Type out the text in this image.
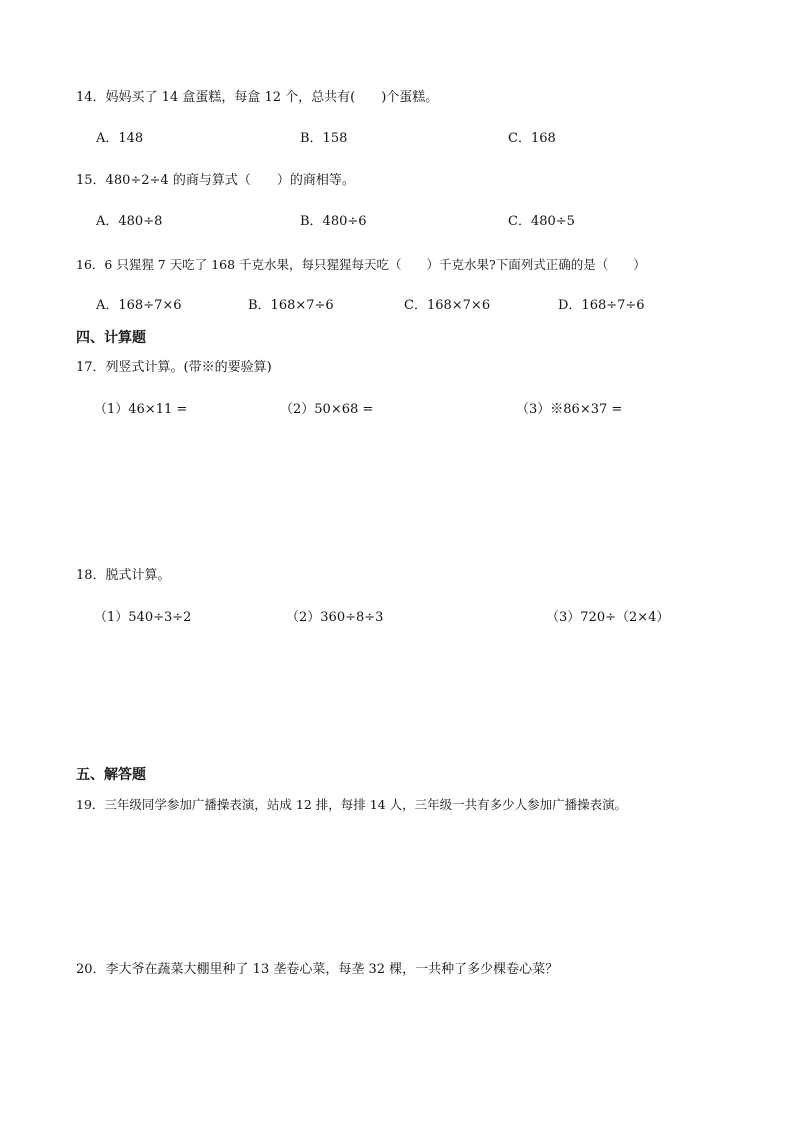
14．妈妈买了 14 盒蛋糕，每盒 12 个，总共有(　　)个蛋糕。
A．148	B．158	C．168
15．480÷2÷4 的商与算式（　　）的商相等。
A．480÷8	B．480÷6	C．480÷5
16．6 只猩猩 7 天吃了 168 千克水果，每只猩猩每天吃（　　）千克水果?下面列式正确的是（　　）
A．168÷7×6	B．168×7÷6	C．168×7×6	D．168÷7÷6
四、计算题
17．列竖式计算。(带※的要验算)
（1）46×11 =	（2）50×68 =	（3）※86×37 =
18．脱式计算。
（1）540÷3÷2	（2）360÷8÷3	（3）720÷（2×4）
五、解答题
19．三年级同学参加广播操表演，站成 12 排，每排 14 人，三年级一共有多少人参加广播操表演。
20．李大爷在蔬菜大棚里种了 13 垄卷心菜，每垄 32 棵，一共种了多少棵卷心菜？
